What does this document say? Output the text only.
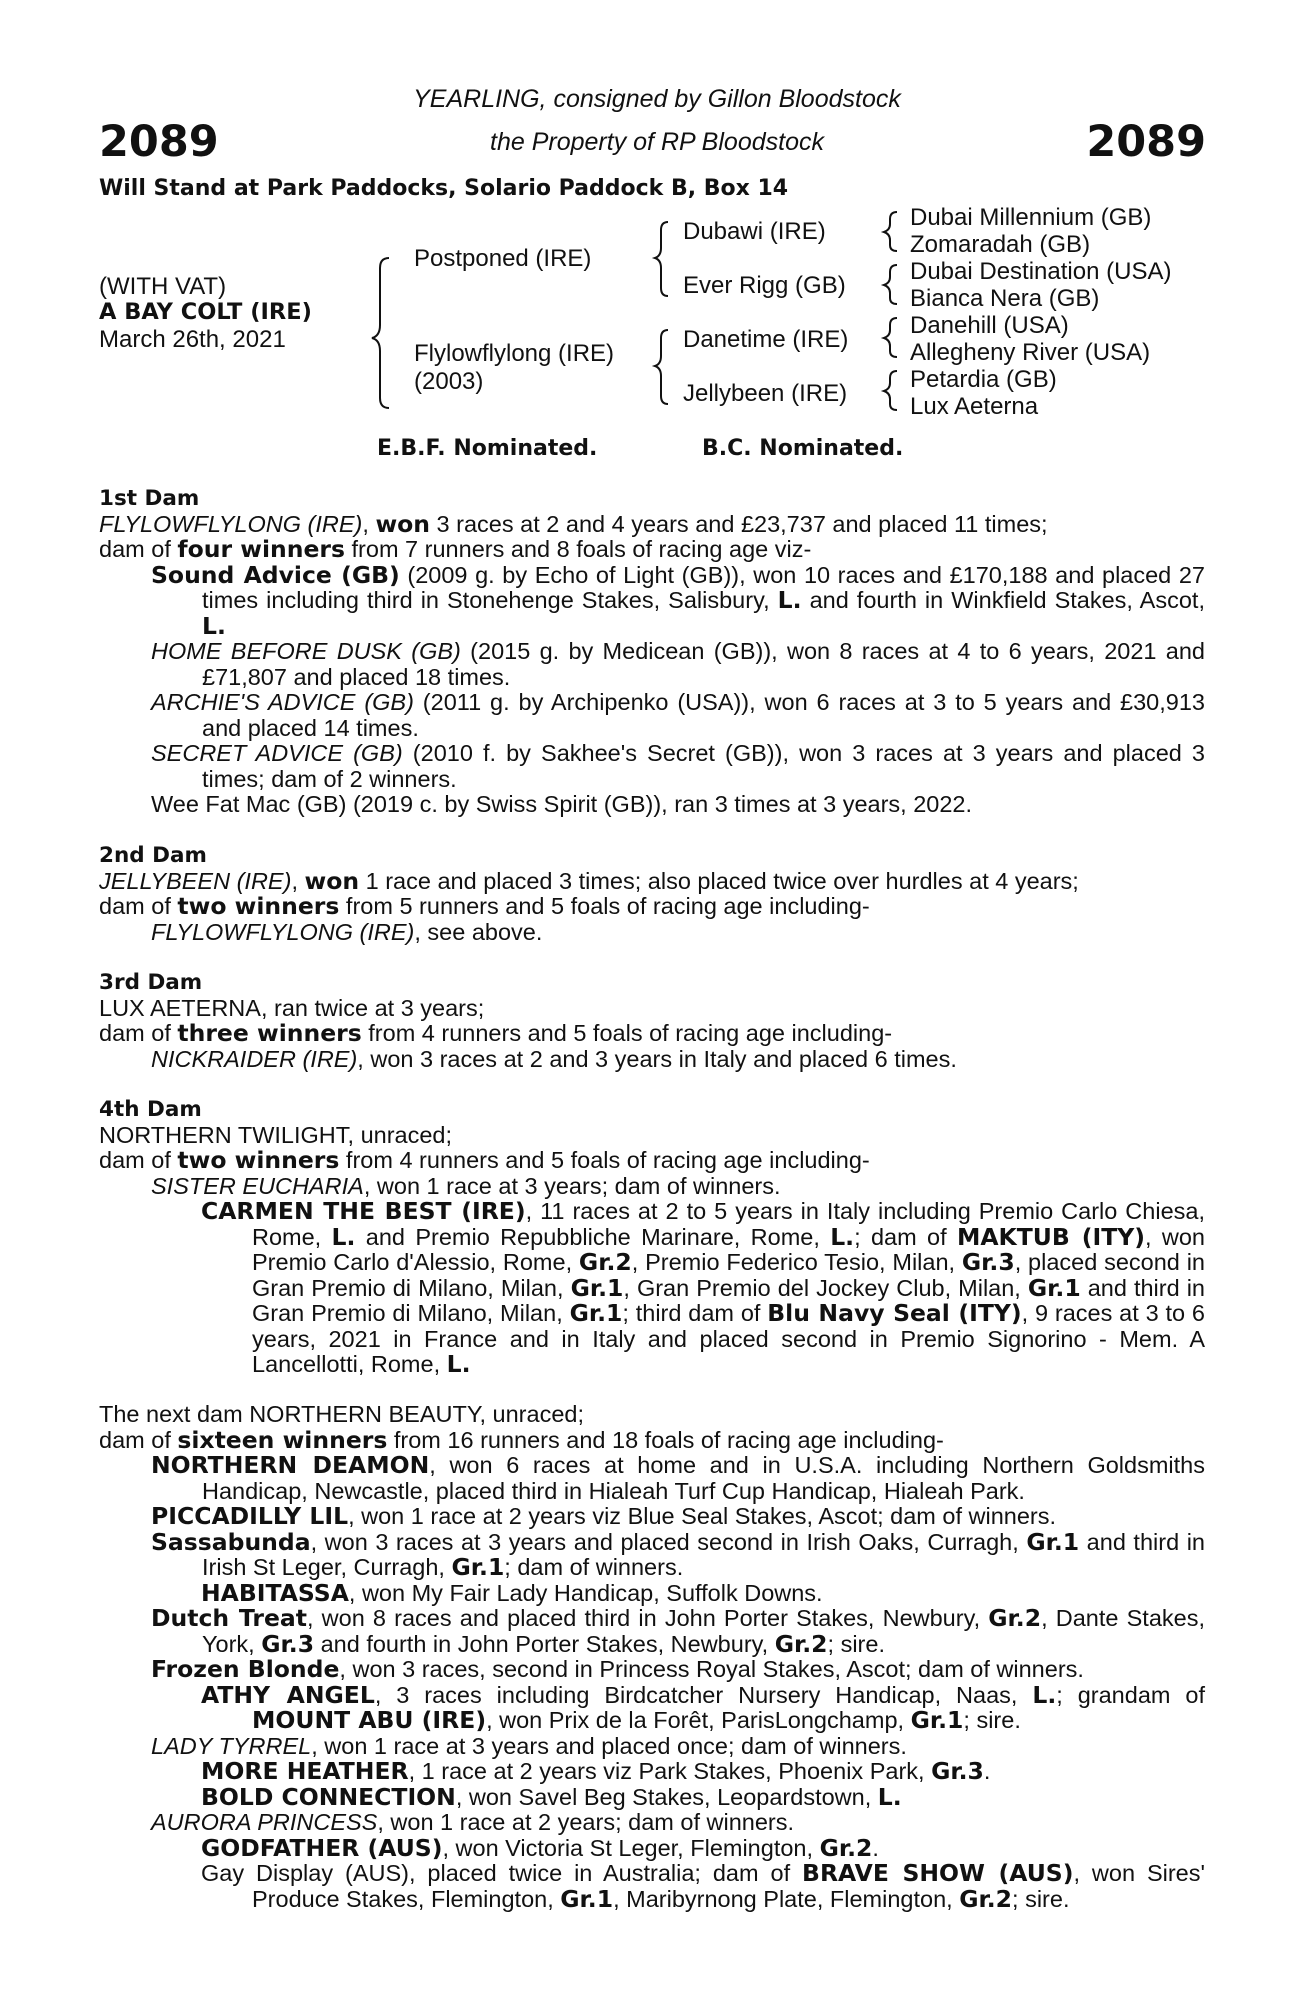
YEARLING, consigned by Gillon Bloodstock
the Property of RP Bloodstock
2089	2089
Will Stand at Park Paddocks, Solario Paddock B, Box 14
(WITH VAT)
A BAY COLT (IRE)
March 26th, 2021
Postponed (IRE)
Flylowflylong (IRE)
(2003)
Dubawi (IRE)
Ever Rigg (GB)
Danetime (IRE)
Jellybeen (IRE)
Dubai Millennium (GB)
Zomaradah (GB)
Dubai Destination (USA)
Bianca Nera (GB)
Danehill (USA)
Allegheny River (USA)
Petardia (GB)
Lux Aeterna
E.B.F. Nominated.	B.C. Nominated.

1st Dam

FLYLOWFLYLONG (IRE), won 3 races at 2 and 4 years and £23,737 and placed 11 times;

dam of four winners from 7 runners and 8 foals of racing age viz-

Sound Advice (GB) (2009 g. by Echo of Light (GB)), won 10 races and £170,188 and placed 27 times including third in Stonehenge Stakes, Salisbury, L. and fourth in Winkfield Stakes, Ascot, L.

HOME BEFORE DUSK (GB) (2015 g. by Medicean (GB)), won 8 races at 4 to 6 years, 2021 and £71,807 and placed 18 times.

ARCHIE'S ADVICE (GB) (2011 g. by Archipenko (USA)), won 6 races at 3 to 5 years and £30,913 and placed 14 times.

SECRET ADVICE (GB) (2010 f. by Sakhee's Secret (GB)), won 3 races at 3 years and placed 3 times; dam of 2 winners.

Wee Fat Mac (GB) (2019 c. by Swiss Spirit (GB)), ran 3 times at 3 years, 2022.

2nd Dam

JELLYBEEN (IRE), won 1 race and placed 3 times; also placed twice over hurdles at 4 years;

dam of two winners from 5 runners and 5 foals of racing age including-

FLYLOWFLYLONG (IRE), see above.

3rd Dam

LUX AETERNA, ran twice at 3 years;

dam of three winners from 4 runners and 5 foals of racing age including-

NICKRAIDER (IRE), won 3 races at 2 and 3 years in Italy and placed 6 times.

4th Dam

NORTHERN TWILIGHT, unraced;

dam of two winners from 4 runners and 5 foals of racing age including-

SISTER EUCHARIA, won 1 race at 3 years; dam of winners.

CARMEN THE BEST (IRE), 11 races at 2 to 5 years in Italy including Premio Carlo Chiesa, Rome, L. and Premio Repubbliche Marinare, Rome, L.; dam of MAKTUB (ITY), won Premio Carlo d'Alessio, Rome, Gr.2, Premio Federico Tesio, Milan, Gr.3, placed second in Gran Premio di Milano, Milan, Gr.1, Gran Premio del Jockey Club, Milan, Gr.1 and third in Gran Premio di Milano, Milan, Gr.1; third dam of Blu Navy Seal (ITY), 9 races at 3 to 6 years, 2021 in France and in Italy and placed second in Premio Signorino - Mem. A Lancellotti, Rome, L.

The next dam NORTHERN BEAUTY, unraced;

dam of sixteen winners from 16 runners and 18 foals of racing age including-

NORTHERN DEAMON, won 6 races at home and in U.S.A. including Northern Goldsmiths Handicap, Newcastle, placed third in Hialeah Turf Cup Handicap, Hialeah Park.

PICCADILLY LIL, won 1 race at 2 years viz Blue Seal Stakes, Ascot; dam of winners.

Sassabunda, won 3 races at 3 years and placed second in Irish Oaks, Curragh, Gr.1 and third in Irish St Leger, Curragh, Gr.1; dam of winners.

HABITASSA, won My Fair Lady Handicap, Suffolk Downs.

Dutch Treat, won 8 races and placed third in John Porter Stakes, Newbury, Gr.2, Dante Stakes, York, Gr.3 and fourth in John Porter Stakes, Newbury, Gr.2; sire.

Frozen Blonde, won 3 races, second in Princess Royal Stakes, Ascot; dam of winners.

ATHY ANGEL, 3 races including Birdcatcher Nursery Handicap, Naas, L.; grandam of MOUNT ABU (IRE), won Prix de la Forêt, ParisLongchamp, Gr.1; sire.

LADY TYRREL, won 1 race at 3 years and placed once; dam of winners.

MORE HEATHER, 1 race at 2 years viz Park Stakes, Phoenix Park, Gr.3.

BOLD CONNECTION, won Savel Beg Stakes, Leopardstown, L.

AURORA PRINCESS, won 1 race at 2 years; dam of winners.

GODFATHER (AUS), won Victoria St Leger, Flemington, Gr.2.

Gay Display (AUS), placed twice in Australia; dam of BRAVE SHOW (AUS), won Sires' Produce Stakes, Flemington, Gr.1, Maribyrnong Plate, Flemington, Gr.2; sire.
